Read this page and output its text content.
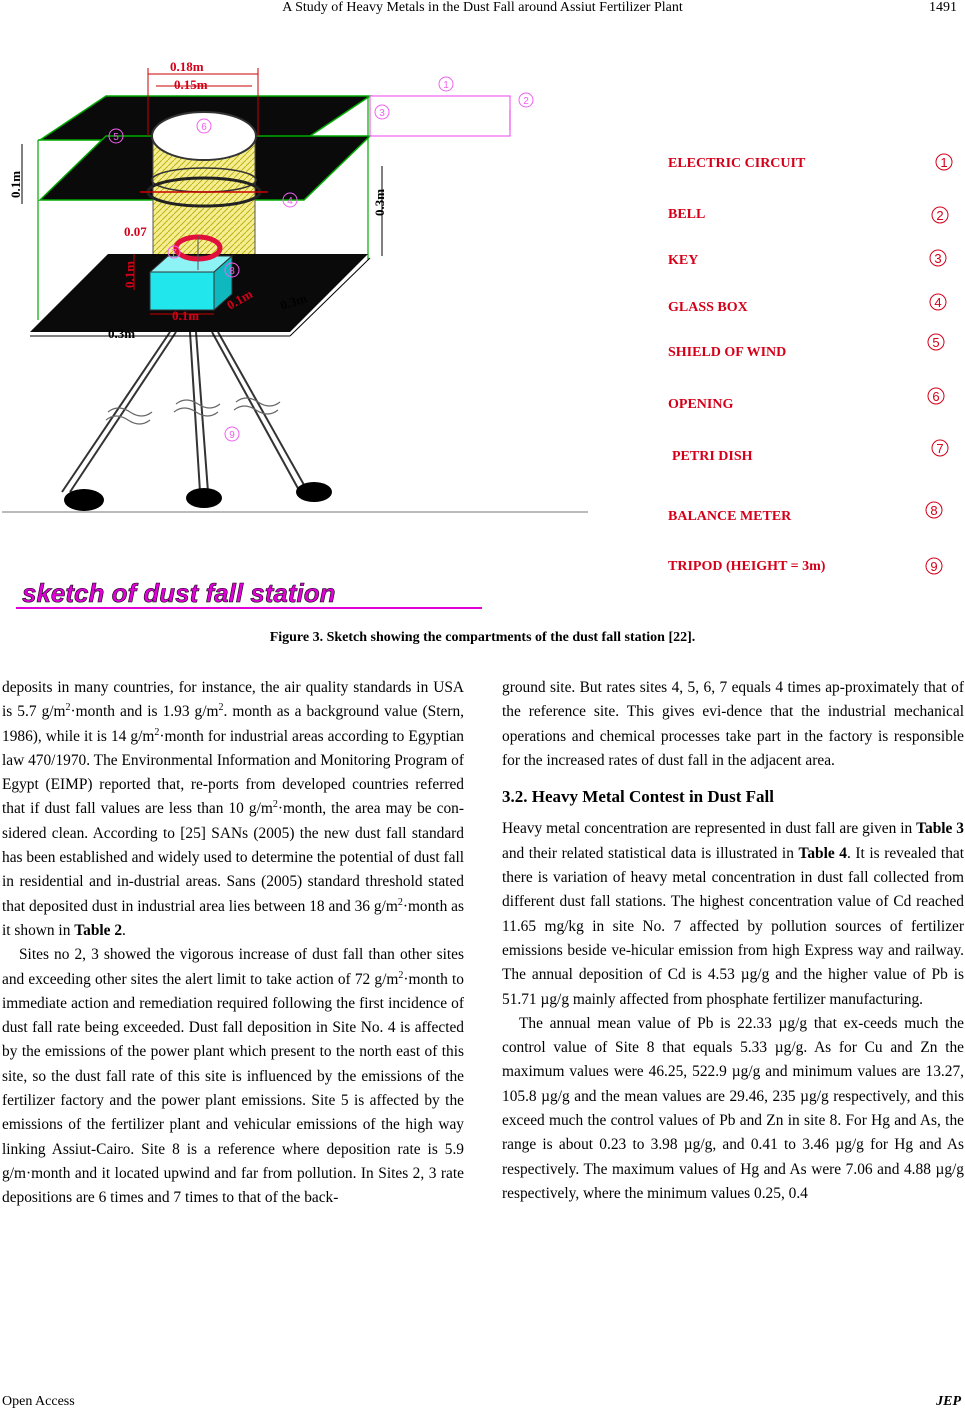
A Study of Heavy Metals in the Dust Fall around Assiut Fertilizer Plant	1491
0.18m
0.15m
0.1m
0.3m
0.07
0.1m
0.1m
0.1m
0.3m
0.3m
1
2
3
4
5
6
7
8
9
ELECTRIC CIRCUIT
BELL
KEY
GLASS BOX
SHIELD OF WIND
OPENING
PETRI DISH
BALANCE METER
TRIPOD (HEIGHT = 3m)
1
2
3
4
5
6
7
8
9
sketch of dust fall station
Figure 3. Sketch showing the compartments of the dust fall station [22].

deposits in many countries, for instance, the air quality standards in USA is 5.7 $g/m^2\cdot month$ and is 1.93 $g/m^2$. month as a background value (Stern, 1986), while it is 14 $g/m^2\cdot month$ for industrial areas according to Egyptian law 470/1970. The Environmental Information and Monitoring Program of Egypt (EIMP) reported that, re-ports from developed countries referred that if dust fall values are less than 10 $g/m^2\cdot month$, the area may be con-sidered clean. According to [25] SANs (2005) the new dust fall standard has been established and widely used to determine the potential of dust fall in residential and in-dustrial areas. Sans (2005) standard threshold stated that deposited dust in industrial area lies between 18 and 36 $g/m^2\cdot month$ as it shown in Table 2.

Sites no 2, 3 showed the vigorous increase of dust fall than other sites and exceeding other sites the alert limit to take action of 72 $g/m^2\cdot month$ to immediate action and remediation required following the first incidence of dust fall rate being exceeded. Dust fall deposition in Site No. 4 is affected by the emissions of the power plant which present to the north east of this site, so the dust fall rate of this site is influenced by the emissions of the fertilizer factory and the power plant emissions. Site 5 is affected by the emissions of the fertilizer plant and vehicular emissions of the high way linking Assiut-Cairo. Site 8 is a reference where deposition rate is 5.9 g/m·month and it located upwind and far from pollution. In Sites 2, 3 rate depositions are 6 times and 7 times to that of the back-

ground site. But rates sites 4, 5, 6, 7 equals 4 times ap-proximately that of the reference site. This gives evi-dence that the industrial mechanical operations and chemical processes take part in the factory is responsible for the increased rates of dust fall in the adjacent area.

3.2. Heavy Metal Contest in Dust Fall

Heavy metal concentration are represented in dust fall are given in Table 3 and their related statistical data is illustrated in Table 4. It is revealed that there is variation of heavy metal concentration in dust fall collected from different dust fall stations. The highest concentration value of Cd reached 11.65 mg/kg in site No. 7 affected by pollution sources of fertilizer emissions beside ve-hicular emission from high Express way and railway. The annual deposition of Cd is 4.53 µg/g and the higher value of Pb is 51.71 µg/g mainly affected from phosphate fertilizer manufacturing.

The annual mean value of Pb is 22.33 µg/g that ex-ceeds much the control value of Site 8 that equals 5.33 µg/g. As for Cu and Zn the maximum values were 46.25, 522.9 µg/g and minimum values are 13.27, 105.8 µg/g and the mean values are 29.46, 235 µg/g respectively, and this exceed much the control values of Pb and Zn in site 8. For Hg and As, the range is about 0.23 to 3.98 µg/g, and 0.41 to 3.46 µg/g for Hg and As respectively. The maximum values of Hg and As were 7.06 and 4.88 µg/g respectively, where the minimum values 0.25, 0.4

Open Access	JEP
